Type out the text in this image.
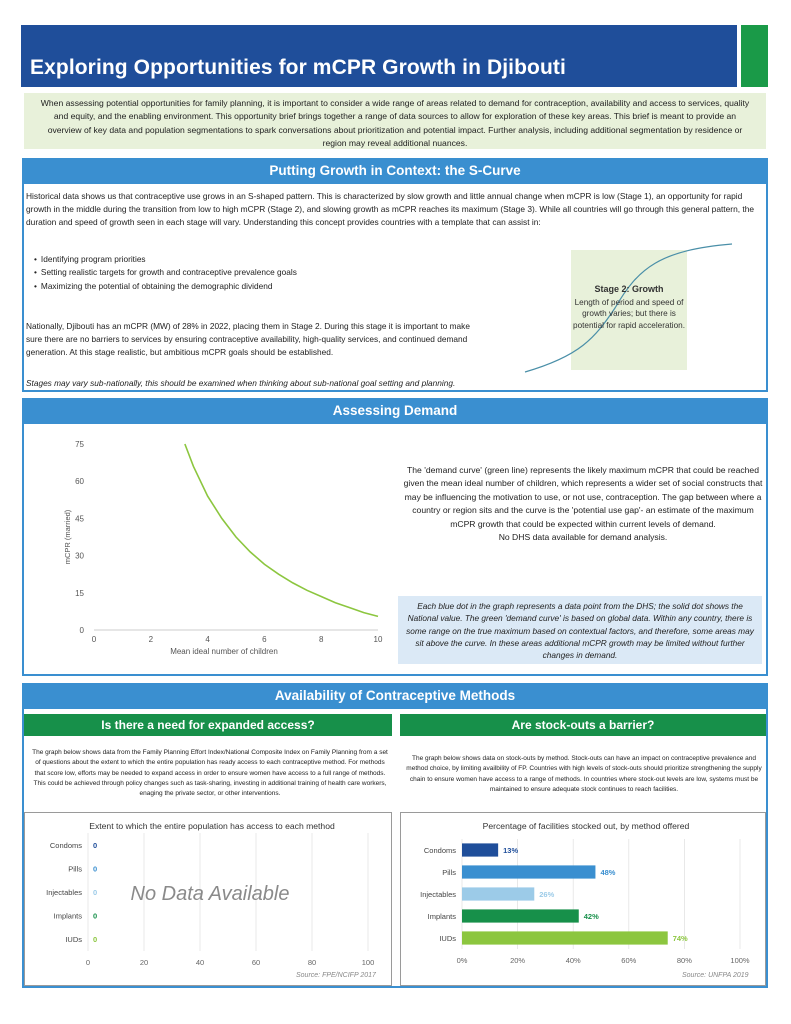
Exploring Opportunities for mCPR Growth in Djibouti
When assessing potential opportunities for family planning, it is important to consider a wide range of areas related to demand for contraception, availability and access to services, quality and equity, and the enabling environment. This opportunity brief brings together a range of data sources to allow for exploration of these key areas. This brief is meant to provide an overview of key data and population segmentations to spark conversations about prioritization and potential impact. Further analysis, including additional segmentation by residence or region may reveal additional nuances.
Putting Growth in Context: the S-Curve
Historical data shows us that contraceptive use grows in an S-shaped pattern. This is characterized by slow growth and little annual change when mCPR is low (Stage 1), an opportunity for rapid growth in the middle during the transition from low to high mCPR (Stage 2), and slowing growth as mCPR reaches its maximum (Stage 3). While all countries will go through this general pattern, the duration and speed of growth seen in each stage will vary. Understanding this concept provides countries with a template that can assist in:
• Identifying program priorities
• Setting realistic targets for growth and contraceptive prevalence goals
• Maximizing the potential of obtaining the demographic dividend
Nationally, Djibouti has an mCPR (MW) of 28% in 2022, placing them in Stage 2. During this stage it is important to make sure there are no barriers to services by ensuring contraceptive availability, high-quality services, and continued demand generation. At this stage realistic, but ambitious mCPR goals should be established.
Stages may vary sub-nationally, this should be examined when thinking about sub-national goal setting and planning.
Stage 2: Growth
Length of period and speed of growth varies; but there is potential for rapid acceleration.
Assessing Demand
0	2	4	6	8	10
0
15
30
45
60
75
Mean ideal number of children
mCPR (married)
The 'demand curve' (green line) represents the likely maximum mCPR that could be reached given the mean ideal number of children, which represents a wider set of social constructs that may be influencing the motivation to use, or not use, contraception. The gap between where a country or region sits and the curve is the 'potential use gap'- an estimate of the maximum mCPR growth that could be expected within current levels of demand.
No DHS data available for demand analysis.
Each blue dot in the graph represents a data point from the DHS; the solid dot shows the National value. The green 'demand curve' is based on global data. Within any country, there is some range on the true maximum based on contextual factors, and therefore, some areas may sit above the curve. In these areas additional mCPR growth may be limited without further changes in demand.
Availability of Contraceptive Methods
Is there a need for expanded access?	Are stock-outs a barrier?
The graph below shows data from the Family Planning Effort Index/National Composite Index on Family Planning from a set of questions about the extent to which the entire population has ready access to each contraceptive method. For methods that score low, efforts may be needed to expand access in order to ensure women have access to a full range of methods. This could be achieved through policy changes such as task-sharing, investing in additional training of health care workers, enaging the private sector, or other interventions.
The graph below shows data on stock-outs by method. Stock-outs can have an impact on contraceptive prevalence and method choice, by limiting availbility of FP. Countries with high levels of stock-outs should prioritize strengthening the supply chain to ensure women have access to a range of methods. In countries where stock-out levels are low, systems must be maintained to ensure adequate stock continues to reach facilities.
Extent to which the entire population has access to each method
0	20	40	60	80	100
Condoms 0
Pills 0
Injectables 0
Implants 0
IUDs 0
No Data Available
Percentage of facilities stocked out, by method offered
0%	20%	40%	60%	80%	100%
Condoms	13%
Pills	48%
Injectables	26%
Implants	42%
IUDs	74%
Source: FPE/NCIFP 2017	Source: UNFPA 2019
